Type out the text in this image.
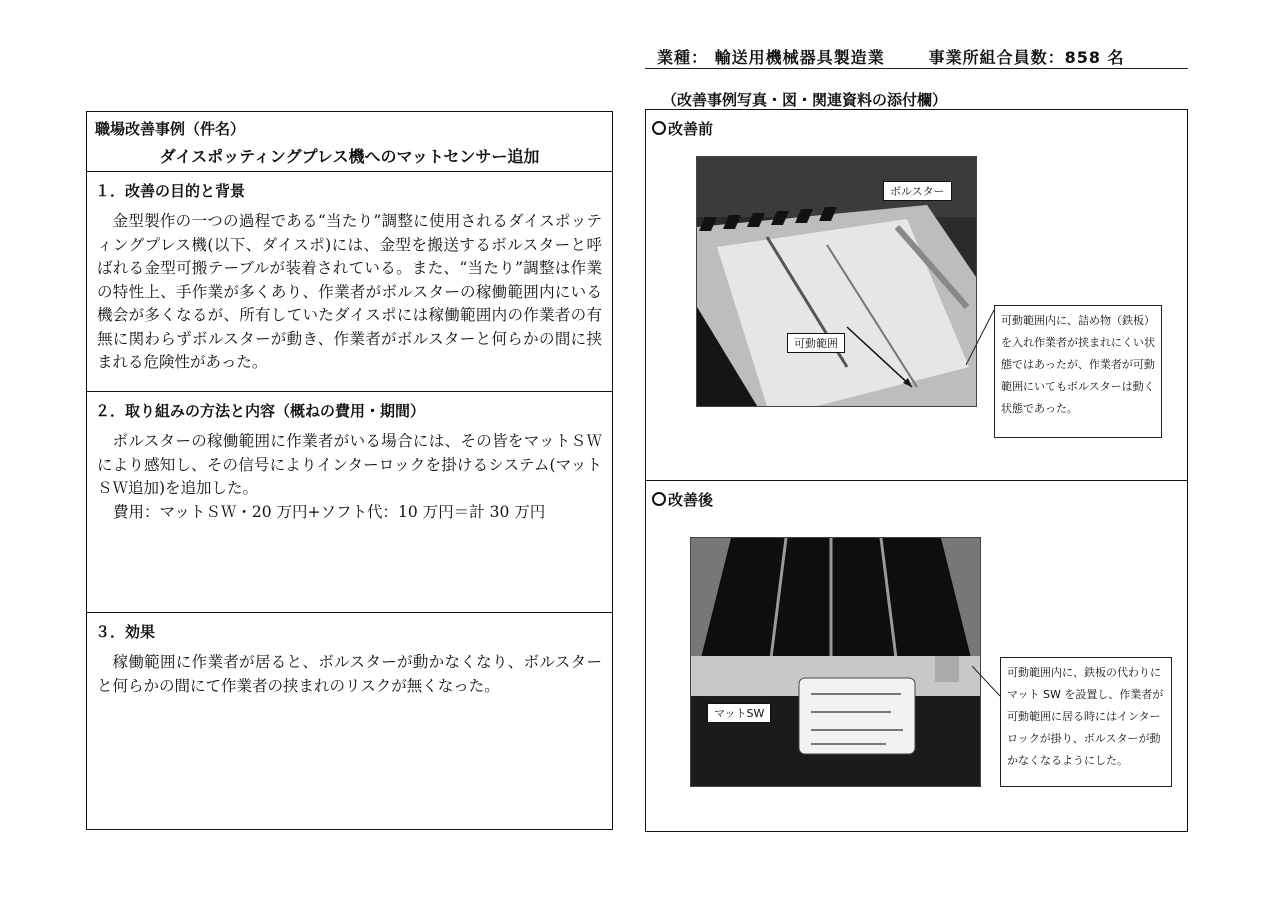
業種： 輸送用機械器具製造業	事業所組合員数：858 名
（改善事例写真・図・関連資料の添付欄）
職場改善事例（件名）
ダイスポッティングプレス機へのマットセンサー追加
１．改善の目的と背景
金型製作の一つの過程である“当たり”調整に使用されるダイスポッティングプレス機(以下、ダイスポ)には、金型を搬送するボルスターと呼ばれる金型可搬テーブルが装着されている。また、“当たり”調整は作業の特性上、手作業が多くあり、作業者がボルスターの稼働範囲内にいる機会が多くなるが、所有していたダイスポには稼働範囲内の作業者の有無に関わらずボルスターが動き、作業者がボルスターと何らかの間に挟まれる危険性があった。
２．取り組みの方法と内容（概ねの費用・期間）
ボルスターの稼働範囲に作業者がいる場合には、その皆をマットＳＷにより感知し、その信号によりインターロックを掛けるシステム(マットＳＷ追加)を追加した。
費用：マットＳＷ・20 万円+ソフト代：10 万円＝計 30 万円
３．効果
稼働範囲に作業者が居ると、ボルスターが動かなくなり、ボルスターと何らかの間にて作業者の挟まれのリスクが無くなった。
改善前
ボルスター
可動範囲
可動範囲内に、詰め物（鉄板）を入れ作業者が挟まれにくい状態ではあったが、作業者が可動範囲にいてもボルスターは動く状態であった。
改善後
マットSW
可動範囲内に、鉄板の代わりにマット SW を設置し、作業者が可動範囲に居る時にはインターロックが掛り、ボルスターが動かなくなるようにした。
